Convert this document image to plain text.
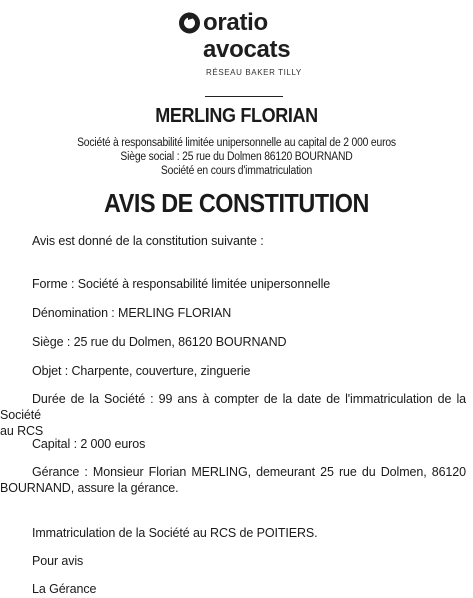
oratio
avocats
RÉSEAU BAKER TILLY
MERLING FLORIAN
Société à responsabilité limitée unipersonnelle au capital de 2 000 euros
Siège social : 25 rue du Dolmen 86120 BOURNAND
Société en cours d'immatriculation
AVIS DE CONSTITUTION
Avis est donné de la constitution suivante :
Forme : Société à responsabilité limitée unipersonnelle
Dénomination : MERLING FLORIAN
Siège : 25 rue du Dolmen, 86120 BOURNAND
Objet : Charpente, couverture, zinguerie
Durée de la Société : 99 ans à compter de la date de l'immatriculation de la Société
au RCS
Capital : 2 000 euros
Gérance : Monsieur Florian MERLING, demeurant 25 rue du Dolmen, 86120
BOURNAND, assure la gérance.
Immatriculation de la Société au RCS de POITIERS.
Pour avis
La Gérance
